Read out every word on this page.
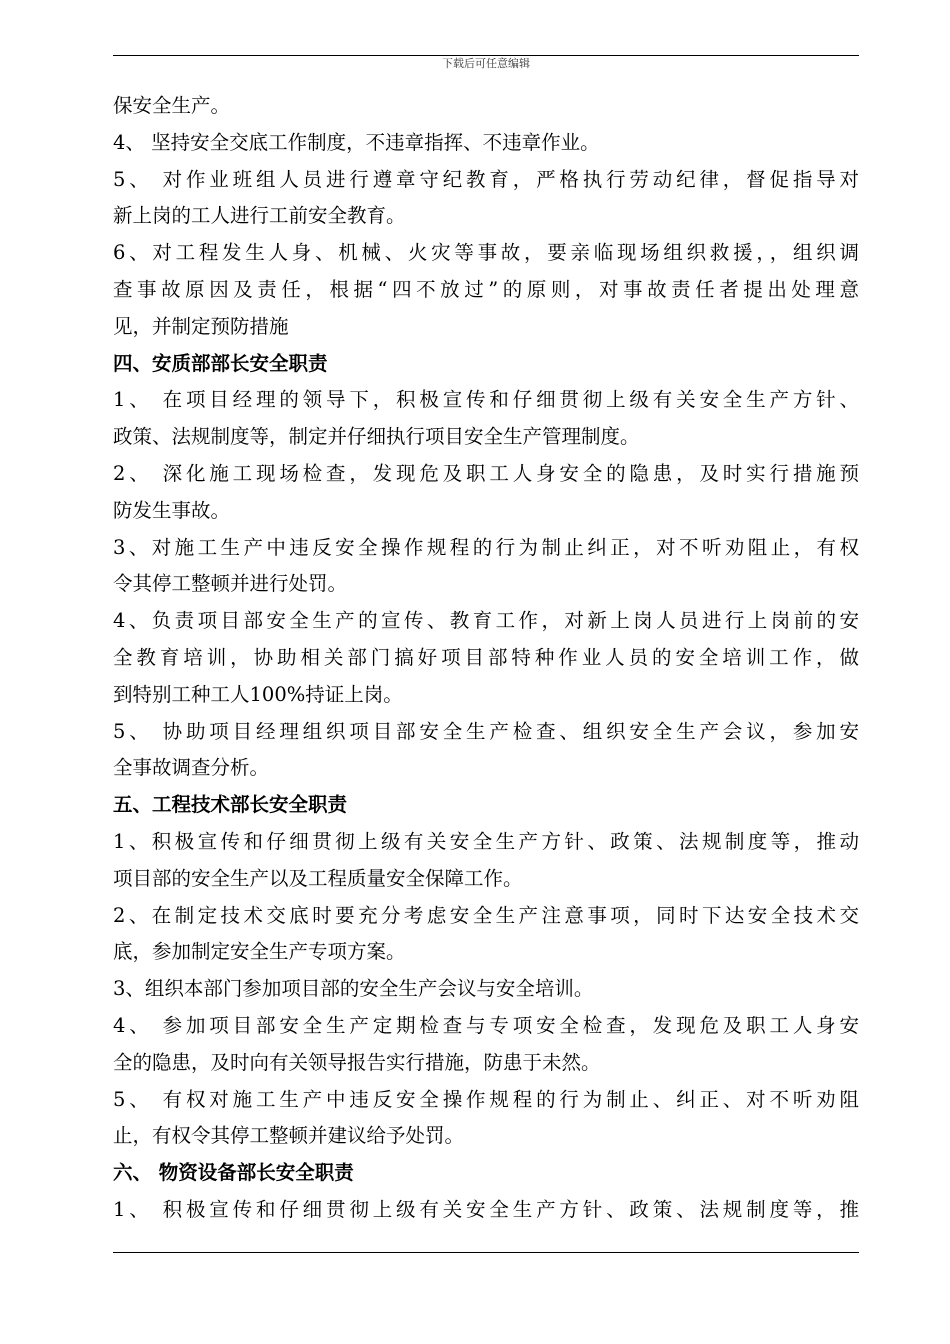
下载后可任意编辑
保安全生产。
4、 坚持安全交底工作制度，不违章指挥、不违章作业。
5、 对作业班组人员进行遵章守纪教育，严格执行劳动纪律，督促指导对
新上岗的工人进行工前安全教育。
6、对工程发生人身、机械、火灾等事故，要亲临现场组织救援，，组织调
查事故原因及责任，根据“四不放过”的原则，对事故责任者提出处理意
见，并制定预防措施
四、安质部部长安全职责
1、 在项目经理的领导下，积极宣传和仔细贯彻上级有关安全生产方针、
政策、法规制度等，制定并仔细执行项目安全生产管理制度。
2、 深化施工现场检查，发现危及职工人身安全的隐患，及时实行措施预
防发生事故。
3、对施工生产中违反安全操作规程的行为制止纠正，对不听劝阻止，有权
令其停工整顿并进行处罚。
4、负责项目部安全生产的宣传、教育工作，对新上岗人员进行上岗前的安
全教育培训，协助相关部门搞好项目部特种作业人员的安全培训工作，做
到特别工种工人100%持证上岗。
5、 协助项目经理组织项目部安全生产检查、组织安全生产会议，参加安
全事故调查分析。
五、工程技术部长安全职责
1、积极宣传和仔细贯彻上级有关安全生产方针、政策、法规制度等，推动
项目部的安全生产以及工程质量安全保障工作。
2、在制定技术交底时要充分考虑安全生产注意事项，同时下达安全技术交
底，参加制定安全生产专项方案。
3、组织本部门参加项目部的安全生产会议与安全培训。
4、 参加项目部安全生产定期检查与专项安全检查，发现危及职工人身安
全的隐患，及时向有关领导报告实行措施，防患于未然。
5、 有权对施工生产中违反安全操作规程的行为制止、纠正、对不听劝阻
止，有权令其停工整顿并建议给予处罚。
六、 物资设备部长安全职责
1、 积极宣传和仔细贯彻上级有关安全生产方针、政策、法规制度等，推
